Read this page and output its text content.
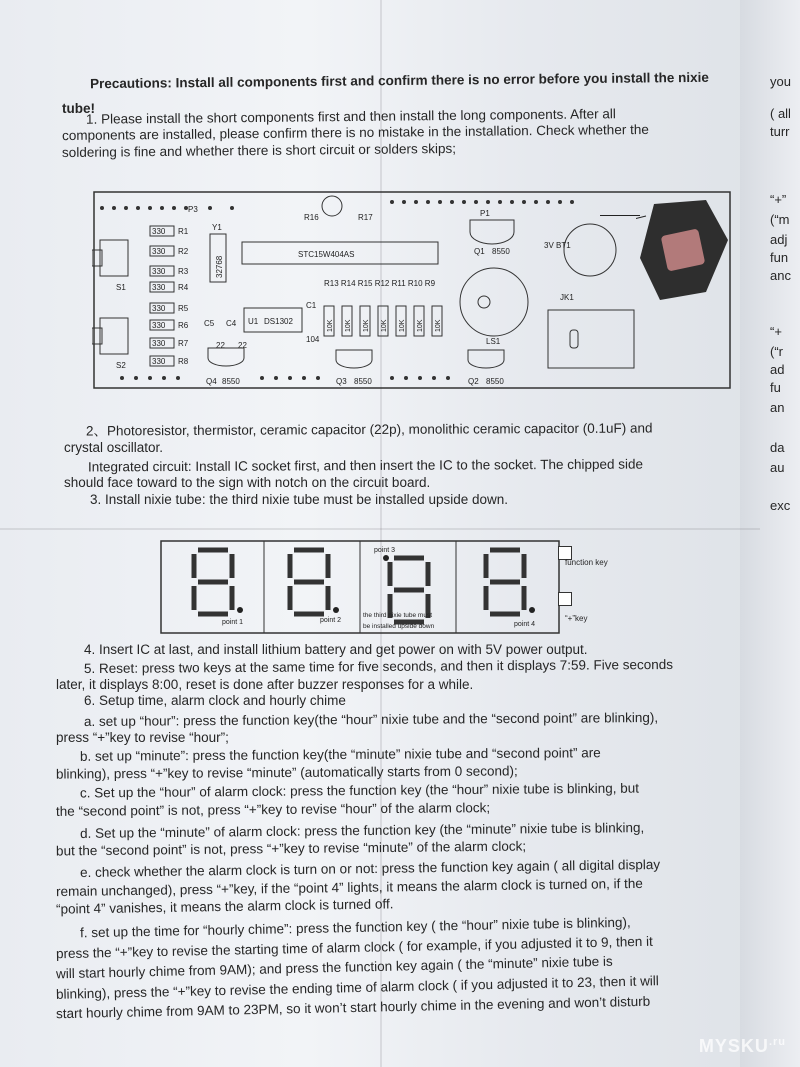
Precautions: Install all components first and confirm there is no error before you install the nixie
tube!
1. Please install the short components first and then install the long components. After all
components are installed, please confirm there is no mistake in the installation. Check whether the
soldering is fine and whether there is short circuit or solders skips;
P3
R16	R17	P1
330 R1
330 R2
330 R3
330 R4
330 R5
330 R6
330 R7
330 R8
S1
S2
Y1
32768
STC15W404AS	Q1 8550
3V BT1
R13 R14 R15 R12 R11 R10 R9
C1
104
C5 C4
22 22
U1 DS1302	10K 10K 10K 10K 10K 10K 10K
JK1
LS1
Q4 8550	Q3 8550	Q2 8550
2、Photoresistor, thermistor, ceramic capacitor (22p), monolithic ceramic capacitor (0.1uF) and
crystal oscillator.
Integrated circuit: Install IC socket first, and then insert the IC to the socket. The chipped side
should face toward to the sign with notch on the circuit board.
3. Install nixie tube: the third nixie tube must be installed upside down.
point 1	point 2
point 3
point 4
the third nixie tube must
be installed upside down
function key
“+”key
4. Insert IC at last, and install lithium battery and get power on with 5V power output.
5. Reset: press two keys at the same time for five seconds, and then it displays 7:59. Five seconds
later, it displays 8:00, reset is done after buzzer responses for a while.
6. Setup time, alarm clock and hourly chime
a. set up “hour”: press the function key(the “hour” nixie tube and the “second point” are blinking),
press “+”key to revise “hour”;
b. set up “minute”: press the function key(the “minute” nixie tube and “second point” are
blinking), press “+”key to revise “minute” (automatically starts from 0 second);
c. Set up the “hour” of alarm clock: press the function key (the “hour” nixie tube is blinking, but
the “second point” is not, press “+”key to revise “hour” of the alarm clock;
d. Set up the “minute” of alarm clock: press the function key (the “minute” nixie tube is blinking,
but the “second point” is not, press “+”key to revise “minute” of the alarm clock;
e. check whether the alarm clock is turn on or not: press the function key again ( all digital display
remain unchanged), press “+”key, if the “point 4” lights, it means the alarm clock is turned on, if the
“point 4” vanishes, it means the alarm clock is turned off.
f. set up the time for “hourly chime”: press the function key ( the “hour” nixie tube is blinking),
press the “+”key to revise the starting time of alarm clock ( for example, if you adjusted it to 9, then it
will start hourly chime from 9AM); and press the function key again ( the “minute” nixie tube is
blinking), press the “+”key to revise the ending time of alarm clock ( if you adjusted it to 23, then it will
start hourly chime from 9AM to 23PM, so it won’t start hourly chime in the evening and won’t disturb
you
( all
turr
“+”
(“m
adj
fun
anc
“+
(“r
ad
fu
an
da
au
exc
$MYSKU^{.ru}$
